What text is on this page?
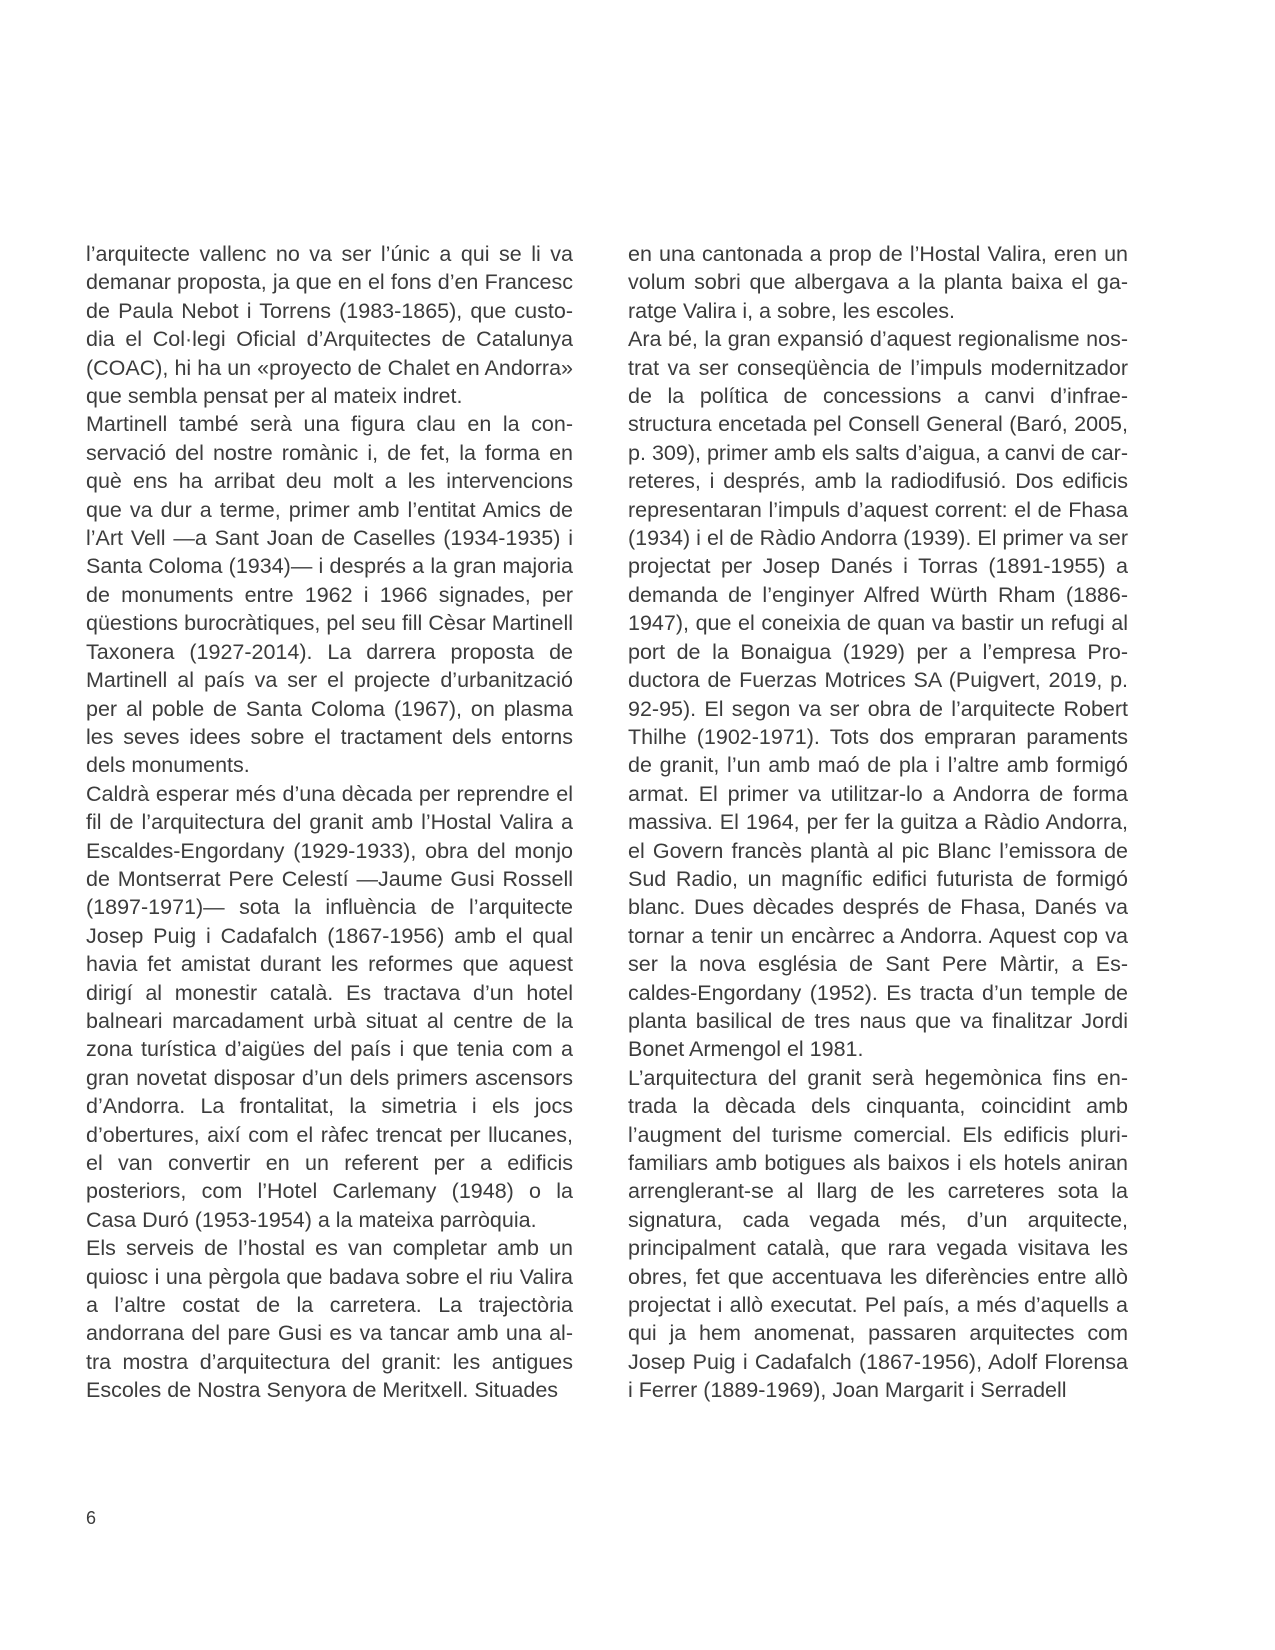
l’arquitecte vallenc no va ser l’únic a qui se li va demanar proposta, ja que en el fons d’en Francesc de Paula Nebot i Torrens (1983-1865), que custodia el Col·legi Oficial d’Arquitectes de Catalunya (COAC), hi ha un «proyecto de Chalet en Andorra» que sembla pensat per al mateix indret.

Martinell també serà una figura clau en la conservació del nostre romànic i, de fet, la forma en què ens ha arribat deu molt a les intervencions que va dur a terme, primer amb l’entitat Amics de l’Art Vell —a Sant Joan de Caselles (1934-1935) i Santa Coloma (1934)— i després a la gran majoria de monuments entre 1962 i 1966 signades, per qüestions burocràtiques, pel seu fill Cèsar Martinell Taxonera (1927-2014). La darrera proposta de Martinell al país va ser el projecte d’urbanització per al poble de Santa Coloma (1967), on plasma les seves idees sobre el tractament dels entorns dels monuments.

Caldrà esperar més d’una dècada per reprendre el fil de l’arquitectura del granit amb l’Hostal Valira a Escaldes-Engordany (1929-1933), obra del monjo de Montserrat Pere Celestí —Jaume Gusi Rossell (1897-1971)— sota la influència de l’arquitecte Josep Puig i Cadafalch (1867-1956) amb el qual havia fet amistat durant les reformes que aquest dirigí al monestir català. Es tractava d’un hotel balneari marcadament urbà situat al centre de la zona turística d’aigües del país i que tenia com a gran novetat disposar d’un dels primers ascensors d’Andorra. La frontalitat, la simetria i els jocs d’obertures, així com el ràfec trencat per llucanes, el van convertir en un referent per a edificis posteriors, com l’Hotel Carlemany (1948) o la Casa Duró (1953-1954) a la mateixa parròquia.

Els serveis de l’hostal es van completar amb un quiosc i una pèrgola que badava sobre el riu Valira a l’altre costat de la carretera. La trajectòria andorrana del pare Gusi es va tancar amb una altra mostra d’arquitectura del granit: les antigues Escoles de Nostra Senyora de Meritxell. Situades

en una cantonada a prop de l’Hostal Valira, eren un volum sobri que albergava a la planta baixa el garatge Valira i, a sobre, les escoles.

Ara bé, la gran expansió d’aquest regionalisme nostrat va ser conseqüència de l’impuls modernitzador de la política de concessions a canvi d’infraestructura encetada pel Consell General (Baró, 2005, p. 309), primer amb els salts d’aigua, a canvi de carreteres, i després, amb la radiodifusió. Dos edificis representaran l’impuls d’aquest corrent: el de Fhasa (1934) i el de Ràdio Andorra (1939). El primer va ser projectat per Josep Danés i Torras (1891-1955) a demanda de l’enginyer Alfred Würth Rham (1886-1947), que el coneixia de quan va bastir un refugi al port de la Bonaigua (1929) per a l’empresa Productora de Fuerzas Motrices SA (Puigvert, 2019, p. 92-95). El segon va ser obra de l’arquitecte Robert Thilhe (1902-1971). Tots dos empraran paraments de granit, l’un amb maó de pla i l’altre amb formigó armat. El primer va utilitzar-lo a Andorra de forma massiva. El 1964, per fer la guitza a Ràdio Andorra, el Govern francès plantà al pic Blanc l’emissora de Sud Radio, un magnífic edifici futurista de formigó blanc. Dues dècades després de Fhasa, Danés va tornar a tenir un encàrrec a Andorra. Aquest cop va ser la nova església de Sant Pere Màrtir, a Escaldes-Engordany (1952). Es tracta d’un temple de planta basilical de tres naus que va finalitzar Jordi Bonet Armengol el 1981.

L’arquitectura del granit serà hegemònica fins entrada la dècada dels cinquanta, coincidint amb l’augment del turisme comercial. Els edificis plurifamiliars amb botigues als baixos i els hotels aniran arrenglerant-se al llarg de les carreteres sota la signatura, cada vegada més, d’un arquitecte, principalment català, que rara vegada visitava les obres, fet que accentuava les diferències entre allò projectat i allò executat. Pel país, a més d’aquells a qui ja hem anomenat, passaren arquitectes com Josep Puig i Cadafalch (1867-1956), Adolf Florensa i Ferrer (1889-1969), Joan Margarit i Serradell

6
